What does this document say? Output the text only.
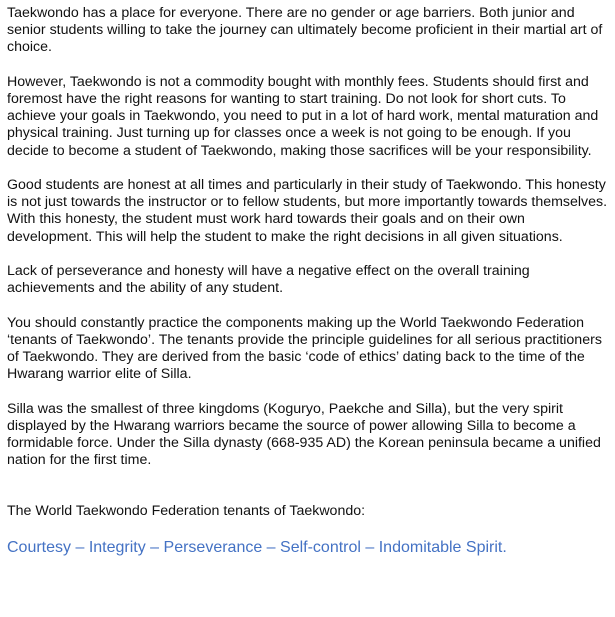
Taekwondo has a place for everyone. There are no gender or age barriers. Both junior and senior students willing to take the journey can ultimately become proficient in their martial art of choice.

However, Taekwondo is not a commodity bought with monthly fees. Students should first and foremost have the right reasons for wanting to start training. Do not look for short cuts. To achieve your goals in Taekwondo, you need to put in a lot of hard work, mental maturation and physical training. Just turning up for classes once a week is not going to be enough. If you decide to become a student of Taekwondo, making those sacrifices will be your responsibility.

Good students are honest at all times and particularly in their study of Taekwondo. This honesty is not just towards the instructor or to fellow students, but more importantly towards themselves. With this honesty, the student must work hard towards their goals and on their own development. This will help the student to make the right decisions in all given situations.

Lack of perseverance and honesty will have a negative effect on the overall training achievements and the ability of any student.

You should constantly practice the components making up the World Taekwondo Federation ‘tenants of Taekwondo’. The tenants provide the principle guidelines for all serious practitioners of Taekwondo. They are derived from the basic ‘code of ethics’ dating back to the time of the Hwarang warrior elite of Silla.

Silla was the smallest of three kingdoms (Koguryo, Paekche and Silla), but the very spirit displayed by the Hwarang warriors became the source of power allowing Silla to become a formidable force. Under the Silla dynasty (668-935 AD) the Korean peninsula became a unified nation for the first time.

The World Taekwondo Federation tenants of Taekwondo:

Courtesy – Integrity – Perseverance – Self-control – Indomitable Spirit.
